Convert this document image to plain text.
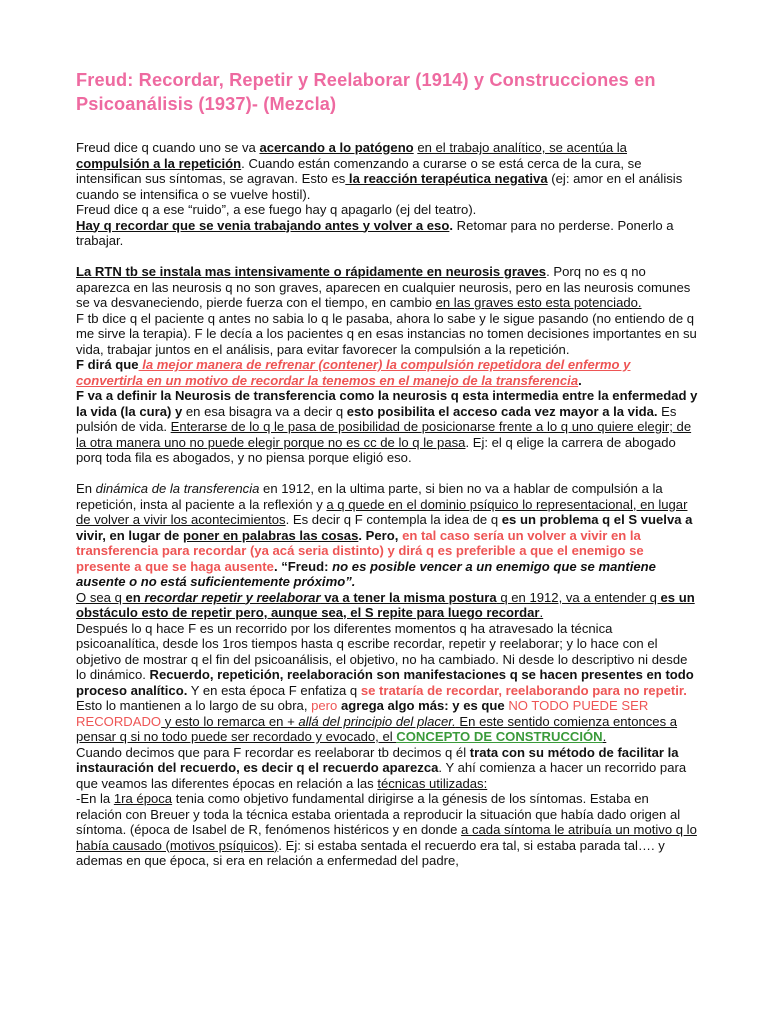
Freud: Recordar, Repetir y Reelaborar (1914) y Construcciones en Psicoanálisis (1937)- (Mezcla)

Freud dice q cuando uno se va acercando a lo patógeno en el trabajo analítico, se acentúa la compulsión a la repetición. Cuando están comenzando a curarse o se está cerca de la cura, se intensifican sus síntomas, se agravan. Esto es la reacción terapéutica negativa (ej: amor en el análisis cuando se intensifica o se vuelve hostil).

Freud dice q a ese “ruido”, a ese fuego hay q apagarlo (ej del teatro).

Hay q recordar que se venia trabajando antes y volver a eso. Retomar para no perderse. Ponerlo a trabajar.

La RTN tb se instala mas intensivamente o rápidamente en neurosis graves. Porq no es q no aparezca en las neurosis q no son graves, aparecen en cualquier neurosis, pero en las neurosis comunes se va desvaneciendo, pierde fuerza con el tiempo, en cambio en las graves esto esta potenciado.

F tb dice q el paciente q antes no sabia lo q le pasaba, ahora lo sabe y le sigue pasando (no entiendo de q me sirve la terapia). F le decía a los pacientes q en esas instancias no tomen decisiones importantes en su vida, trabajar juntos en el análisis, para evitar favorecer la compulsión a la repetición.

F dirá que la mejor manera de refrenar (contener) la compulsión repetidora del enfermo y convertirla en un motivo de recordar la tenemos en el manejo de la transferencia.

F va a definir la Neurosis de transferencia como la neurosis q esta intermedia entre la enfermedad y la vida (la cura) y en esa bisagra va a decir q esto posibilita el acceso cada vez mayor a la vida. Es pulsión de vida. Enterarse de lo q le pasa de posibilidad de posicionarse frente a lo q uno quiere elegir; de la otra manera uno no puede elegir porque no es cc de lo q le pasa. Ej: el q elige la carrera de abogado porq toda fila es abogados, y no piensa porque eligió eso.

En dinámica de la transferencia en 1912, en la ultima parte, si bien no va a hablar de compulsión a la repetición, insta al paciente a la reflexión y a q quede en el dominio psíquico lo representacional, en lugar de volver a vivir los acontecimientos. Es decir q F contempla la idea de q es un problema q el S vuelva a vivir, en lugar de poner en palabras las cosas. Pero, en tal caso sería un volver a vivir en la transferencia para recordar (ya acá seria distinto) y dirá q es preferible a que el enemigo se presente a que se haga ausente. “Freud: no es posible vencer a un enemigo que se mantiene ausente o no está suficientemente próximo”.

O sea q en recordar repetir y reelaborar va a tener la misma postura q en 1912, va a entender q es un obstáculo esto de repetir pero, aunque sea, el S repite para luego recordar.

Después lo q hace F es un recorrido por los diferentes momentos q ha atravesado la técnica psicoanalítica, desde los 1ros tiempos hasta q escribe recordar, repetir y reelaborar; y lo hace con el objetivo de mostrar q el fin del psicoanálisis, el objetivo, no ha cambiado. Ni desde lo descriptivo ni desde lo dinámico. Recuerdo, repetición, reelaboración son manifestaciones q se hacen presentes en todo proceso analítico. Y en esta época F enfatiza q se trataría de recordar, reelaborando para no repetir. Esto lo mantienen a lo largo de su obra, pero agrega algo más: y es que NO TODO PUEDE SER RECORDADO y esto lo remarca en + allá del principio del placer. En este sentido comienza entonces a pensar q si no todo puede ser recordado y evocado, el CONCEPTO DE CONSTRUCCIÓN.

Cuando decimos que para F recordar es reelaborar tb decimos q él trata con su método de facilitar la instauración del recuerdo, es decir q el recuerdo aparezca. Y ahí comienza a hacer un recorrido para que veamos las diferentes épocas en relación a las técnicas utilizadas:

-En la 1ra época tenia como objetivo fundamental dirigirse a la génesis de los síntomas. Estaba en relación con Breuer y toda la técnica estaba orientada a reproducir la situación que había dado origen al síntoma. (época de Isabel de R, fenómenos histéricos y en donde a cada síntoma le atribuía un motivo q lo había causado (motivos psíquicos). Ej: si estaba sentada el recuerdo era tal, si estaba parada tal…. y ademas en que época, si era en relación a enfermedad del padre,
